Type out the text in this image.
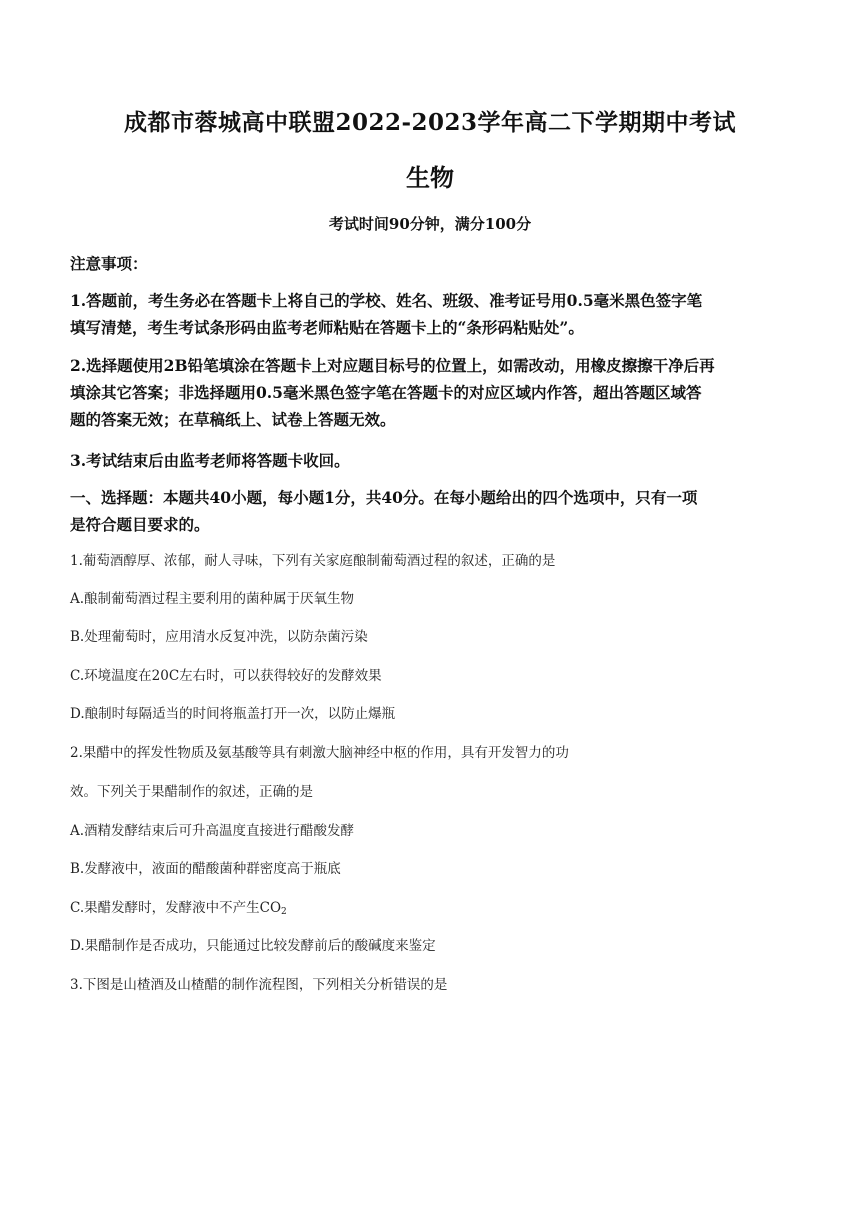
成都市蓉城高中联盟2022-2023学年高二下学期期中考试
生物
考试时间90分钟，满分100分
注意事项：
1.答题前，考生务必在答题卡上将自己的学校、姓名、班级、准考证号用0.5毫米黑色签字笔
填写清楚，考生考试条形码由监考老师粘贴在答题卡上的“条形码粘贴处”。
2.选择题使用2B铅笔填涂在答题卡上对应题目标号的位置上，如需改动，用橡皮擦擦干净后再
填涂其它答案；非选择题用0.5毫米黑色签字笔在答题卡的对应区域内作答，超出答题区域答
题的答案无效；在草稿纸上、试卷上答题无效。
3.考试结束后由监考老师将答题卡收回。
一、选择题：本题共40小题，每小题1分，共40分。在每小题给出的四个选项中，只有一项
是符合题目要求的。
1.葡萄酒醇厚、浓郁，耐人寻味，下列有关家庭酿制葡萄酒过程的叙述，正确的是
A.酿制葡萄酒过程主要利用的菌种属于厌氧生物
B.处理葡萄时，应用清水反复冲洗，以防杂菌污染
C.环境温度在20C左右时，可以获得较好的发酵效果
D.酿制时每隔适当的时间将瓶盖打开一次，以防止爆瓶
2.果醋中的挥发性物质及氨基酸等具有刺激大脑神经中枢的作用，具有开发智力的功
效。下列关于果醋制作的叙述，正确的是
A.酒精发酵结束后可升高温度直接进行醋酸发酵
B.发酵液中，液面的醋酸菌种群密度高于瓶底
C.果醋发酵时，发酵液中不产生$CO_2$
D.果醋制作是否成功，只能通过比较发酵前后的酸碱度来鉴定
3.下图是山楂酒及山楂醋的制作流程图，下列相关分析错误的是
